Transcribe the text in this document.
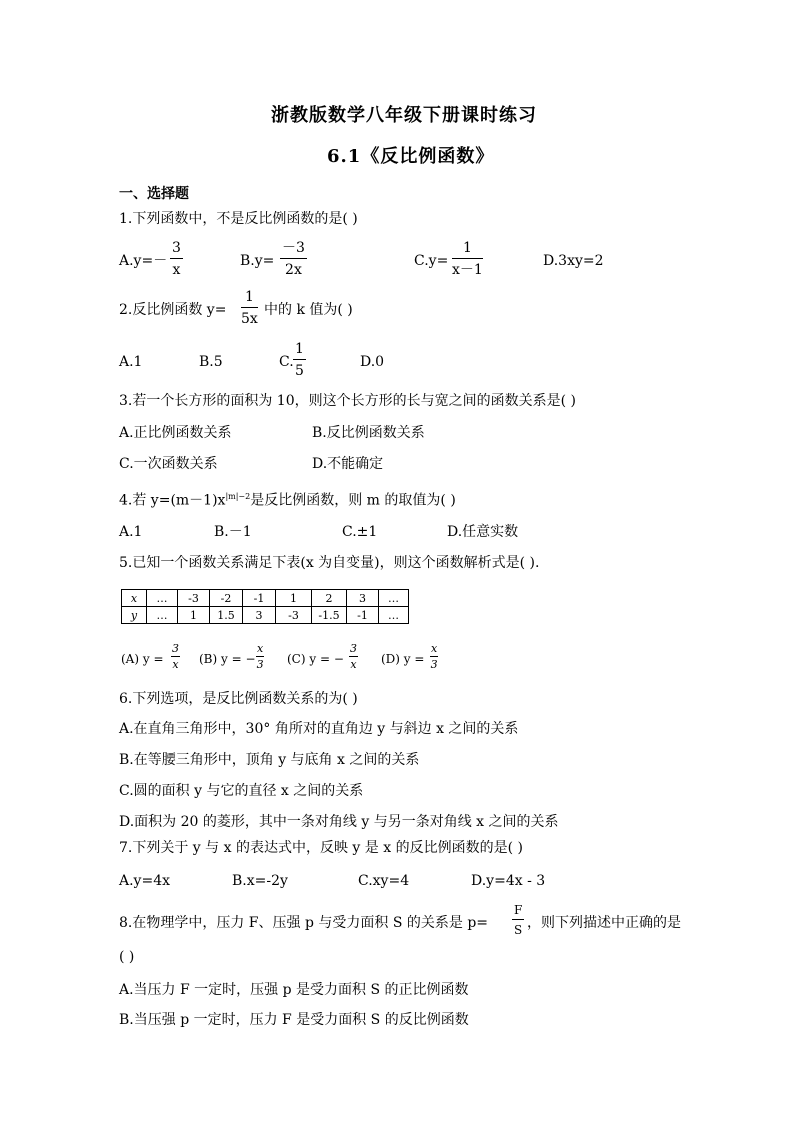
浙教版数学八年级下册课时练习
6.1《反比例函数》
一、选择题
1.下列函数中，不是反比例函数的是( )
$A.y=- \frac{3}{x}$	$B.y= \frac{-3}{2x}$	$C.y= \frac{1}{x-1}$	D.3xy=2
2.反比例函数 $y= \frac{1}{5x}$ 中的 k 值为( )
A.1	B.5	C. $\frac{1}{5}$	D.0
3.若一个长方形的面积为 10，则这个长方形的长与宽之间的函数关系是( )
A.正比例函数关系	B.反比例函数关系
C.一次函数关系	D.不能确定
4.若 $y=(m-1)x^{|m|-2}$是反比例函数，则 m 的取值为( )
A.1	B.－1	C.±1	D.任意实数
5.已知一个函数关系满足下表(x 为自变量)，则这个函数解析式是( ).
x	…	-3	-2	-1	1	2	3	…
y	…	1	1.5	3	-3	-1.5	-1	…
(A) $y = \frac{3}{x} (B) y$ = − $\frac{x}{3} (C) y$ = − $\frac{3}{x} (D) y = \frac{x}{3}$
6.下列选项，是反比例函数关系的为( )
A.在直角三角形中，30° 角所对的直角边 y 与斜边 x 之间的关系
B.在等腰三角形中，顶角 y 与底角 x 之间的关系
C.圆的面积 y 与它的直径 x 之间的关系
D.面积为 20 的菱形，其中一条对角线 y 与另一条对角线 x 之间的关系
7.下列关于 y 与 x 的表达式中，反映 y 是 x 的反比例函数的是( )
A.y=4x	B.x=-2y	C.xy=4	D.y=4x - 3
8.在物理学中，压力 F、压强 p 与受力面积 S 的关系是 $p= \frac{F}{S}$ ，则下列描述中正确的是
( )
A.当压力 F 一定时，压强 p 是受力面积 S 的正比例函数
B.当压强 p 一定时，压力 F 是受力面积 S 的反比例函数
